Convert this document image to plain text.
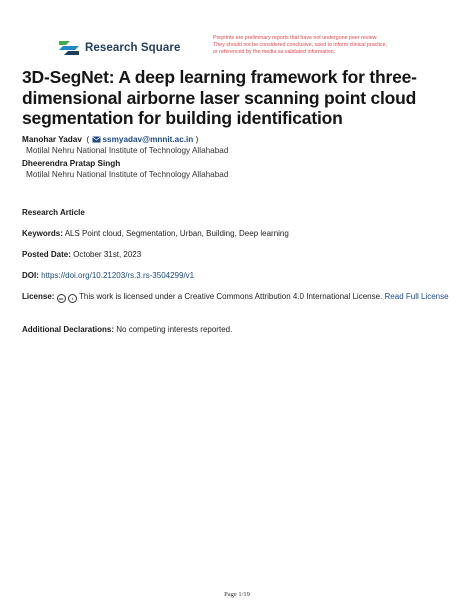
Research Square
Preprints are preliminary reports that have not undergone peer review.
They should not be considered conclusive, used to inform clinical practice,
or referenced by the media as validated information.
3D-SegNet: A deep learning framework for three-dimensional airborne laser scanning point cloud segmentation for building identification
Manohar Yadav  ( ssmyadav@mnnit.ac.in )
Motilal Nehru National Institute of Technology Allahabad
Dheerendra Pratap Singh
Motilal Nehru National Institute of Technology Allahabad
Research Article
Keywords: ALS Point cloud, Segmentation, Urban, Building, Deep learning
Posted Date: October 31st, 2023
DOI: https://doi.org/10.21203/rs.3.rs-3504299/v1
License: cc i This work is licensed under a Creative Commons Attribution 4.0 International License. Read Full License
Additional Declarations: No competing interests reported.
Page 1/19
